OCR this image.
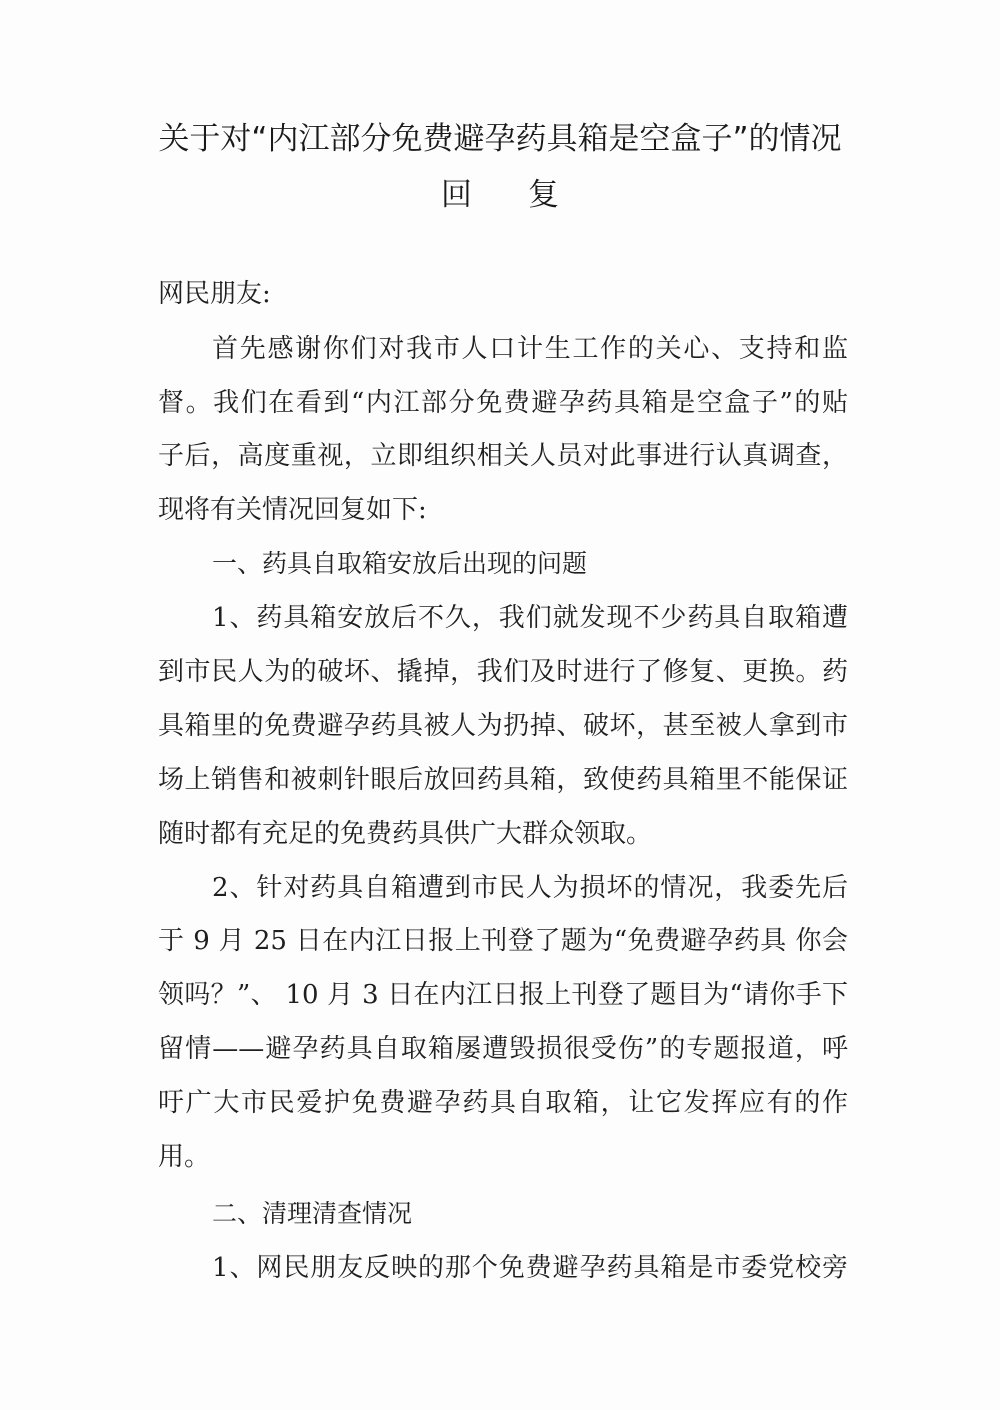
关于对“内江部分免费避孕药具箱是空盒子”的情况
回复
网民朋友:
首先感谢你们对我市人口计生工作的关心、支持和监
督。我们在看到“内江部分免费避孕药具箱是空盒子”的贴
子后，高度重视，立即组织相关人员对此事进行认真调查，
现将有关情况回复如下:
一、药具自取箱安放后出现的问题
1、药具箱安放后不久，我们就发现不少药具自取箱遭
到市民人为的破坏、撬掉，我们及时进行了修复、更换。药
具箱里的免费避孕药具被人为扔掉、破坏，甚至被人拿到市
场上销售和被刺针眼后放回药具箱，致使药具箱里不能保证
随时都有充足的免费药具供广大群众领取。
2、针对药具自箱遭到市民人为损坏的情况，我委先后
于 9 月 25 日在内江日报上刊登了题为“免费避孕药具 你会
领吗？”、 10 月 3 日在内江日报上刊登了题目为“请你手下
留情——避孕药具自取箱屡遭毁损很受伤”的专题报道，呼
吁广大市民爱护免费避孕药具自取箱，让它发挥应有的作
用。
二、清理清查情况
1、网民朋友反映的那个免费避孕药具箱是市委党校旁
